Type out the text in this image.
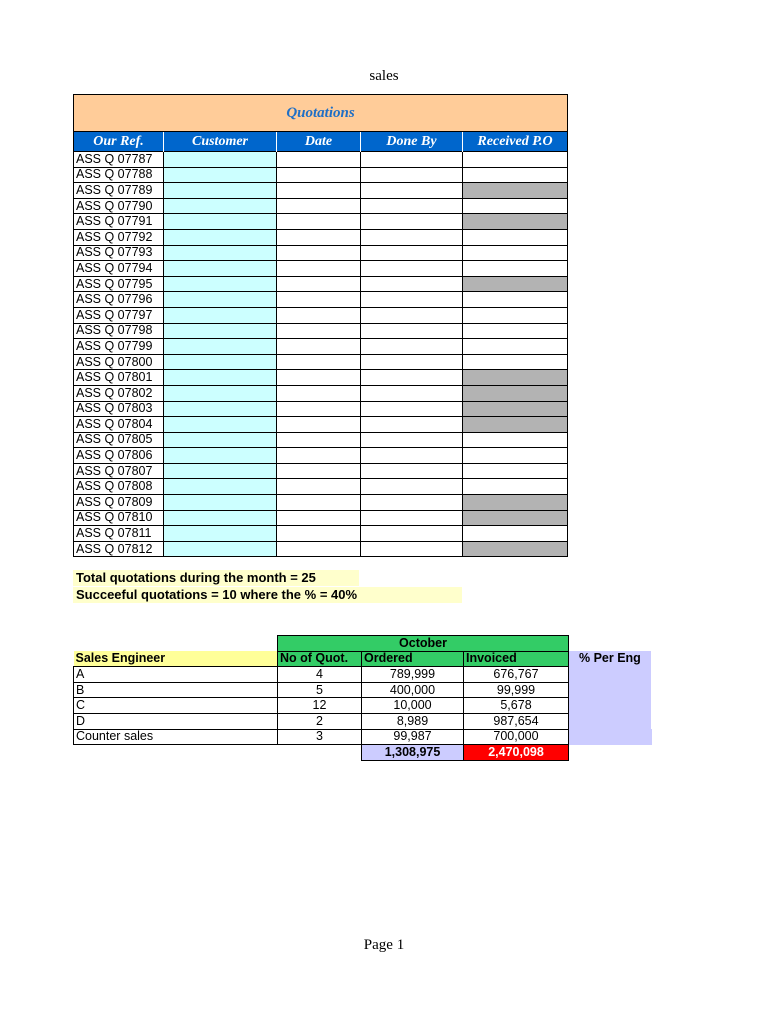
sales
Quotations
Our Ref.	Customer	Date	Done By	Received P.O
ASS Q 07787				
ASS Q 07788				
ASS Q 07789				
ASS Q 07790				
ASS Q 07791				
ASS Q 07792				
ASS Q 07793				
ASS Q 07794				
ASS Q 07795				
ASS Q 07796				
ASS Q 07797				
ASS Q 07798				
ASS Q 07799				
ASS Q 07800				
ASS Q 07801				
ASS Q 07802				
ASS Q 07803				
ASS Q 07804				
ASS Q 07805				
ASS Q 07806				
ASS Q 07807				
ASS Q 07808				
ASS Q 07809				
ASS Q 07810				
ASS Q 07811				
ASS Q 07812				
Total quotations during the month = 25
Succeeful quotations = 10 where the % = 40%
	October			
Sales Engineer	No of Quot.	Ordered	Invoiced	% Per Eng
A	4	789,999	676,767	
B	5	400,000	99,999	
C	12	10,000	5,678	
D	2	8,989	987,654	
Counter sales	3	99,987	700,000	
		1,308,975	2,470,098	
Page 1
